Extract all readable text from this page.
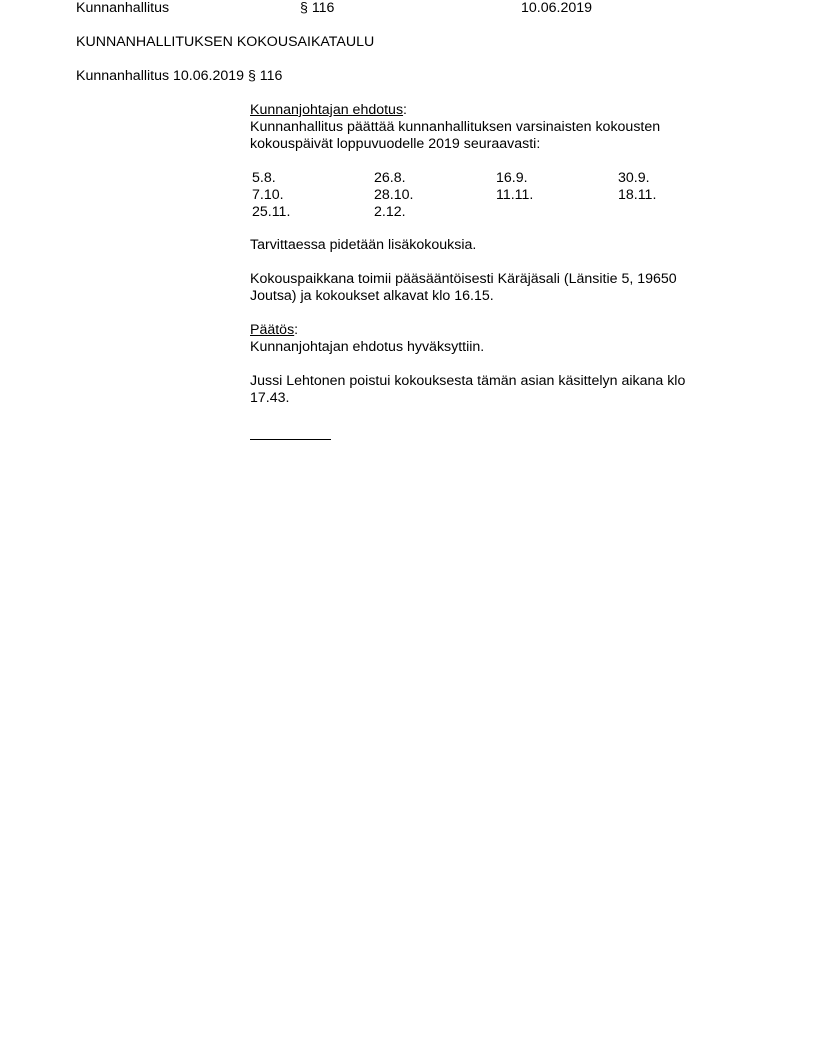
Kunnanhallitus	§ 116	10.06.2019
KUNNANHALLITUKSEN KOKOUSAIKATAULU
Kunnanhallitus 10.06.2019 § 116
Kunnanjohtajan ehdotus:
Kunnanhallitus päättää kunnanhallituksen varsinaisten kokousten
kokouspäivät loppuvuodelle 2019 seuraavasti:
5.8.	26.8.	16.9.	30.9.
7.10.	28.10.	11.11.	18.11.
25.11.	2.12.
Tarvittaessa pidetään lisäkokouksia.
Kokouspaikkana toimii pääsääntöisesti Käräjäsali (Länsitie 5, 19650
Joutsa) ja kokoukset alkavat klo 16.15.
Päätös:
Kunnanjohtajan ehdotus hyväksyttiin.
Jussi Lehtonen poistui kokouksesta tämän asian käsittelyn aikana klo
17.43.
